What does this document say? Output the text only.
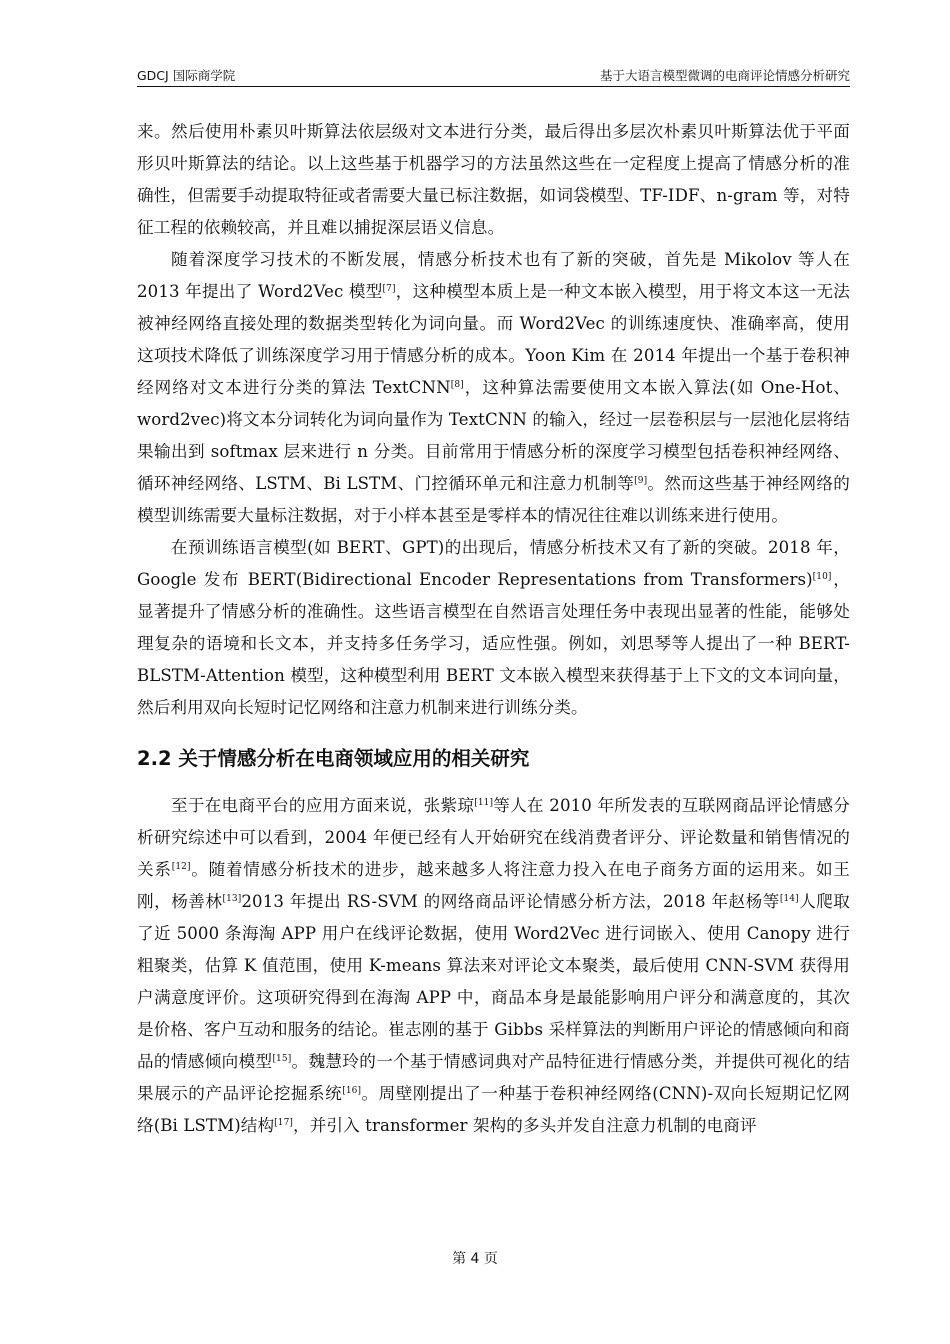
GDCJ 国际商学院	基于大语言模型微调的电商评论情感分析研究

来。然后使用朴素贝叶斯算法依层级对文本进行分类，最后得出多层次朴素贝叶斯算法优于平面形贝叶斯算法的结论。以上这些基于机器学习的方法虽然这些在一定程度上提高了情感分析的准确性，但需要手动提取特征或者需要大量已标注数据，如词袋模型、TF-IDF、n-gram 等，对特征工程的依赖较高，并且难以捕捉深层语义信息。

随着深度学习技术的不断发展，情感分析技术也有了新的突破，首先是 Mikolov 等人在 2013 年提出了 Word2Vec 模型[7]，这种模型本质上是一种文本嵌入模型，用于将文本这一无法被神经网络直接处理的数据类型转化为词向量。而 Word2Vec 的训练速度快、准确率高，使用这项技术降低了训练深度学习用于情感分析的成本。Yoon Kim 在 2014 年提出一个基于卷积神经网络对文本进行分类的算法 TextCNN[8]，这种算法需要使用文本嵌入算法(如 One-Hot、word2vec)将文本分词转化为词向量作为 TextCNN 的输入，经过一层卷积层与一层池化层将结果输出到 softmax 层来进行 n 分类。目前常用于情感分析的深度学习模型包括卷积神经网络、循环神经网络、LSTM、Bi LSTM、门控循环单元和注意力机制等[9]。然而这些基于神经网络的模型训练需要大量标注数据，对于小样本甚至是零样本的情况往往难以训练来进行使用。

在预训练语言模型(如 BERT、GPT)的出现后，情感分析技术又有了新的突破。2018 年，Google 发布 BERT(Bidirectional Encoder Representations from Transformers)[10]，显著提升了情感分析的准确性。这些语言模型在自然语言处理任务中表现出显著的性能，能够处理复杂的语境和长文本，并支持多任务学习，适应性强。例如，刘思琴等人提出了一种 BERT-BLSTM-Attention 模型，这种模型利用 BERT 文本嵌入模型来获得基于上下文的文本词向量，然后利用双向长短时记忆网络和注意力机制来进行训练分类。

2.2 关于情感分析在电商领域应用的相关研究

至于在电商平台的应用方面来说，张紫琼[11]等人在 2010 年所发表的互联网商品评论情感分析研究综述中可以看到，2004 年便已经有人开始研究在线消费者评分、评论数量和销售情况的关系[12]。随着情感分析技术的进步，越来越多人将注意力投入在电子商务方面的运用来。如王刚，杨善林[13]2013 年提出 RS-SVM 的网络商品评论情感分析方法，2018 年赵杨等[14]人爬取了近 5000 条海淘 APP 用户在线评论数据，使用 Word2Vec 进行词嵌入、使用 Canopy 进行粗聚类，估算 K 值范围，使用 K-means 算法来对评论文本聚类，最后使用 CNN-SVM 获得用户满意度评价。这项研究得到在海淘 APP 中，商品本身是最能影响用户评分和满意度的，其次是价格、客户互动和服务的结论。崔志刚的基于 Gibbs 采样算法的判断用户评论的情感倾向和商品的情感倾向模型[15]。魏慧玲的一个基于情感词典对产品特征进行情感分类，并提供可视化的结果展示的产品评论挖掘系统[16]。周壁刚提出了一种基于卷积神经网络(CNN)-双向长短期记忆网络(Bi LSTM)结构[17]，并引入 transformer 架构的多头并发自注意力机制的电商评

第 4 页
